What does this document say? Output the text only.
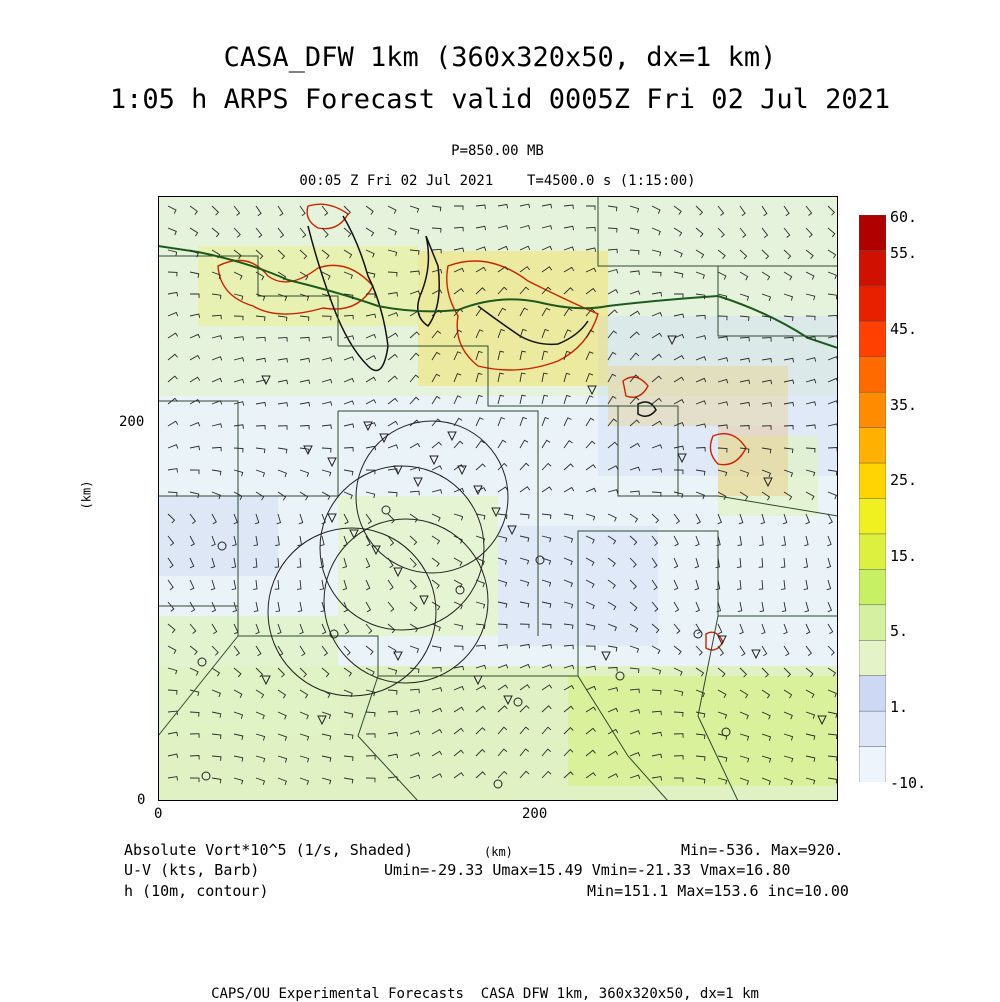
CASA_DFW 1km (360x320x50, dx=1 km)
1:05 h ARPS Forecast valid 0005Z Fri 02 Jul 2021
P=850.00 MB
00:05 Z Fri 02 Jul 2021    T=4500.0 s (1:15:00)
0	200
0
200
(km)
(km)
60.
55.
45.
35.
25.
15.
5.
1.
-10.
Absolute Vort*10^5 (1/s, Shaded)	Min=-536. Max=920.
U-V (kts, Barb)	Umin=-29.33 Umax=15.49 Vmin=-21.33 Vmax=16.80
h (10m, contour)	Min=151.1 Max=153.6 inc=10.00
CAPS/OU Experimental Forecasts  CASA DFW 1km, 360x320x50, dx=1 km
